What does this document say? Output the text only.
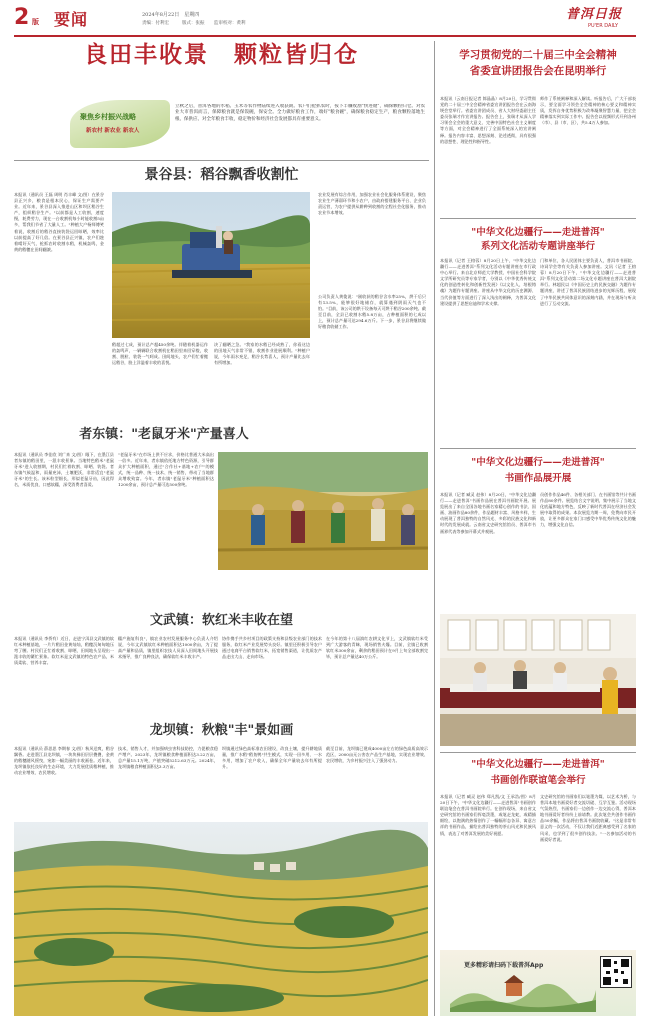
2 版 要闻	2024年8月22日　星期四
责编：付利宏	版式：张振 监审校对：黄利
普洱日报
PU'ER DAILY
良田丰收景　颗粒皆归仓
聚焦乡村振兴战略
新农村 新农业 新农人
立秋之后，普洱各地的水稻、玉米等农作物陆续进入收获期。农户们抢抓农时，按下丰镰收割"快进键"，确保颗粒归仓。对农业大市普洱而言，保障粮食就是保饭碗，保安全。全力做好粮食工作，端好"粮食碗"，确保粮食稳定生产，粮食颗粒落地生根、保供应、对全年粮食丰收，稳定物价和经济社会发展都具有重要意义。
景谷县：稻谷飘香收割忙
本报讯（通讯员 王磊 周明 肖丰峰 文/图）在景谷县正兴乡，粮食是根本民心，保证生产需要产业。近年来，景谷县深入推进山区和坝区稻谷生产，组织稻谷生产。"以前都是人工收割，速度慢，耗费劳力，现在一台收割机每小时能收割5亩多，帮我们节省了大量人工。"种植大户杨师傅笑着说，收割后的稻谷直接装袋运回晾晒，效率比以前提高了好几倍。在景谷县正兴镇，农户们趁着晴好天气，抢抓农时收割水稻，机械轰鸣，金黄的稻穗在田间翻滚。
稻超过七成，预计总产超450余吨。伴随着机器运作的轰鸣声，一辆辆联合收割机在稻田里来回穿梭，收割、脱粒、装袋一气呵成。田间地头，农户们忙着搬运稻谷，脸上洋溢着丰收的喜悦。
决了翻晒之急。"我家的水稻已经成熟了，你看这边的田地天气非常不错，收割作业进展顺利。"种植户说，今年雨水充足，稻谷长势喜人，预计产量比去年有所增加。
农业发展有综合作用，加强农业社会化服务体系建设，聚焦农业生产薄弱环节和小农户，由政府搭建服务平台、企业负责运营，为农户提供从耕种到收割的全程社会化服务，推动农业节本增效。
公司负责人黄俊说："刚收获的稻谷含水率25%，烘干后只有13.5%，能够很好地储存，就算遇到阴雨天气也不怕。"目前，该公司的烘干设备每天可烘干稻谷200余吨。截至目前，全县已收割水稻5.8万亩，占种植面积的七成以上，预计总产量可达294.6万斤。下一步，景谷县将继续做好粮食收储工作。
者东镇："老鼠牙米"产量喜人
本报讯（通讯员 李佳欣 刘广来 文/图）眼下，在墨江县者东镇的稻田里，一派丰收景象。当地特色稻米"老鼠牙米"进入收割期，村民们忙着收割、晾晒、装袋。者东镇气候温和，雨量充沛，土壤肥沃，非常适宜"老鼠牙米"的生长。该米粒型细长，形似老鼠牙齿，因此得名，米质优良、口感软糯，深受消费者喜爱。
"老鼠牙米"在市场上供不应求，价格比普通大米高出一倍多。近年来，者东镇依托地方特色资源，引导群众扩大种植面积，通过"合作社+基地+农户"的模式，统一品种、统一技术、统一销售，带动了当地群众增收致富。今年，者东镇"老鼠牙米"种植面积达1200余亩，预计总产量可达500余吨。
文武镇：软红米丰收在望
本报讯（通讯员 李侨有）近日，走进宁洱县文武镇的软红米种植基地，一片片稻田金黄灿灿，稻穗沉甸甸地压弯了腰。村民们正忙着收割、晾晒，田间地头呈现出一派丰收的繁忙景象。软红米是文武镇的特色农产品，米质柔软、营养丰富。
糯产施复科良"，镇农业农村发展服务中心负责人介绍说，今年文武镇软红米种植面积达1000余亩，为了提高产量和品质，镇里组织农技人员深入田间地头开展技术指导，推广良种良法，确保软红米丰收丰产。
协作携手共乡村项目的政策支持和县级农业部门的技术服务，软红米产业发展势头良好。镇里还积极引导农户通过电商平台销售软红米，拓宽销售渠道，让优质农产品走出大山、走向市场。
在今年的第十八届滇红农耕文化节上，文武镇软红米受到广大游客的青睐，现场销售火爆。目前，全镇已收割软红米300余亩，剩余的稻田预计在9月上旬全部收割完毕，预计总产量达40万公斤。
龙坝镇：秋粮"丰"景如画
本报讯（通讯员 薛思思 李期春 文/图）秋风送爽，稻谷飘香。走进墨江县龙坝镇，一块块梯田层层叠叠，金黄的稻穗随风摇曳，宛如一幅美丽的丰收画卷。近年来，龙坝镇依托良好的生态环境，大力发展优质稻种植，推动农业增效、农民增收。
技术，销售人才，并加强病虫害科技防控，力促粮食稳产增产。2023年，龙坝镇粮食种植面积达3.22万亩，总产量15.1万吨，产值突破5212.63万元。2024年，龙坝镇粮食种植面积达3.3万亩。
坝镇通过绿色高标准农田建设，改良土壤，提升耕地质量，推广水稻"稻鱼鸭"共生模式，实现一田多用、一水多用，增加了农户收入，确保全年产量较去年有所提升。
截至目前，龙坝镇已建成4000亩左右的绿色高质高效示范区，2000亩无公害农产品生产基地，实现农业增效、农民增收，为乡村振兴注入了强劲动力。
学习贯彻党的二十届三中全会精神
省委宣讲团报告会在昆明举行
本报讯（云南日报记者 郎晶晶）8月20日，学习贯彻党的二十届三中全会精神省委宣讲团报告会在云南海埂会堂举行。省委宣讲团成员、省人大财经委副主任委员张瑞才作宣讲报告。报告会上，张瑞才从深入学习领会全会的重大意义、完善中国特色社会主义制度等方面，对全会精神进行了全面系统深入的宣讲阐释。报告内容丰富、思想深刻、论述透彻，具有很强的思想性、理论性和指导性。
师作了系统阐释和深入解读。听报告后，广大干部表示，要全面学习领会全会精神的核心要义和精神实质，发挥自身优势积极为改革凝聚智慧力量，把全会精神落实到实际工作中。报告会以视频形式开到各州（市）、县（市、区），共5.4万人参加。
"中华文化边疆行——走进普洱"
系列文化活动专题讲座举行
本报讯（记者 王榕蓉）8月20日上午，"中华文化边疆行——走进普洱"系列文化活动专题讲座在市行政中心举行。来自北京师范大学教授、中国社会科学院文学所研究员等专家学者，分别以《中华优秀传统文化的创造性转化和创新性发展》《以文化人，培根铸魂》为题作专题讲座。讲座从中华文化的历史渊源、当代价值等方面进行了深入浅出的阐释，为普洱文化建设提供了思想启迪和学术支撑。
门和单位，各人民团体主要负责人，普洱市书画院、诗词学会等有关负责人参加讲座。文讯（记者 王榕蓉）8月20日下午，"中华文化边疆行——走进普洱"系列文化活动第二场文化专题讲座在普洱大剧院举行。林超民以《中国历史上的民族交融》为题作专题讲座，讲述了普洱民族团结进步的光辉历程，展现了中华民族共同体意识的深刻内涵，并在现场与听众进行了互动交流。
"中华文化边疆行——走进普洱"
书画作品展开展
本报讯（记者 臧灵 赵伟）8月20日，"中华文化边疆行——走进普洱"书画作品展在普洱书画院开展。展览展出了来自全国各地书画名家精心创作的书法、国画、油画作品80余件，作品题材丰富、风格多样，生动展现了普洱独特的自然风光、多彩的民族文化和新时代的发展成就。云南省文史研究馆馆员、普洱市书画界代表等参加开幕式并观展。
员创作作品46件、各相关部门、在书画馆等共计书画作品80余件。展览结合文字说明，集中展示了当地文化底蕴和地方特色，反映了新时代普洱在经济社会发展中取得的成果。本次展览为期一周，免费向市民开放，让更多群众在家门口感受中华优秀传统文化的魅力，增强文化自信。
"中华文化边疆行——走进普洱"
书画创作联谊笔会举行
本报讯（记者 臧灵 赵伟 郑凡凯/文 王承浩/图）8月20日下午，"中华文化边疆行——走进普洱"书画创作联谊笔会在普洱书画院举行。在创作现场，来自省文史研究馆的书画家们挥毫泼墨，或笔走龙蛇，或精描细绘，以饱满的热情创作了一幅幅形态各异、寓意吉祥的书画作品，描绘出普洱独特的茶山风光和民族风情，表达了对普洱发展的美好祝愿。
文史研究馆的书画家们以笔墨为媒、以艺术为桥，与普洱本地书画爱好者交流切磋、互学互鉴。活动现场气氛热烈，书画家们一边创作一边交流心得，普洱本地书画爱好者纷纷上前请教。此次笔会共创作书画作品50余幅，作品将由普洱书画院收藏。"这是非常有意义的一次活动，不仅让我们近距离感受到了名家的风采，也学到了很多创作技法。"一名参加活动的书画爱好者说。
更多精彩请扫码下载普洱App
